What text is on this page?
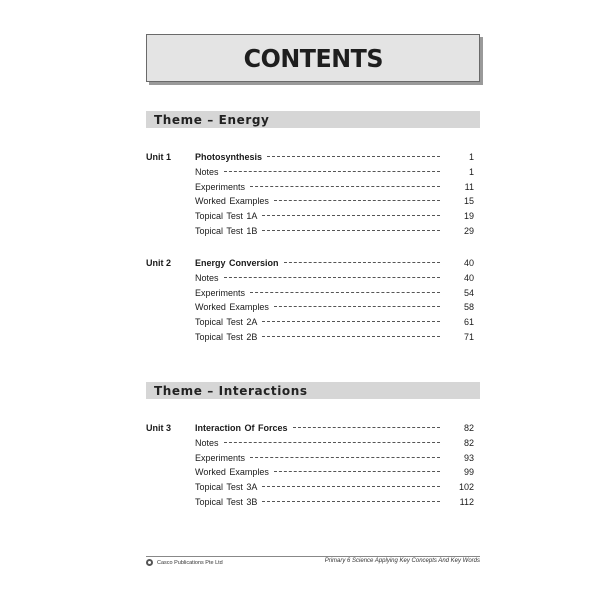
CONTENTS
Theme – Energy
Unit 1	Photosynthesis	1
Notes	1
Experiments	11
Worked Examples	15
Topical Test 1A	19
Topical Test 1B	29
Unit 2	Energy Conversion	40
Notes	40
Experiments	54
Worked Examples	58
Topical Test 2A	61
Topical Test 2B	71
Theme – Interactions
Unit 3	Interaction Of Forces	82
Notes	82
Experiments	93
Worked Examples	99
Topical Test 3A	102
Topical Test 3B	112
Casco Publications Pte Ltd	Primary 6 Science Applying Key Concepts And Key Words
